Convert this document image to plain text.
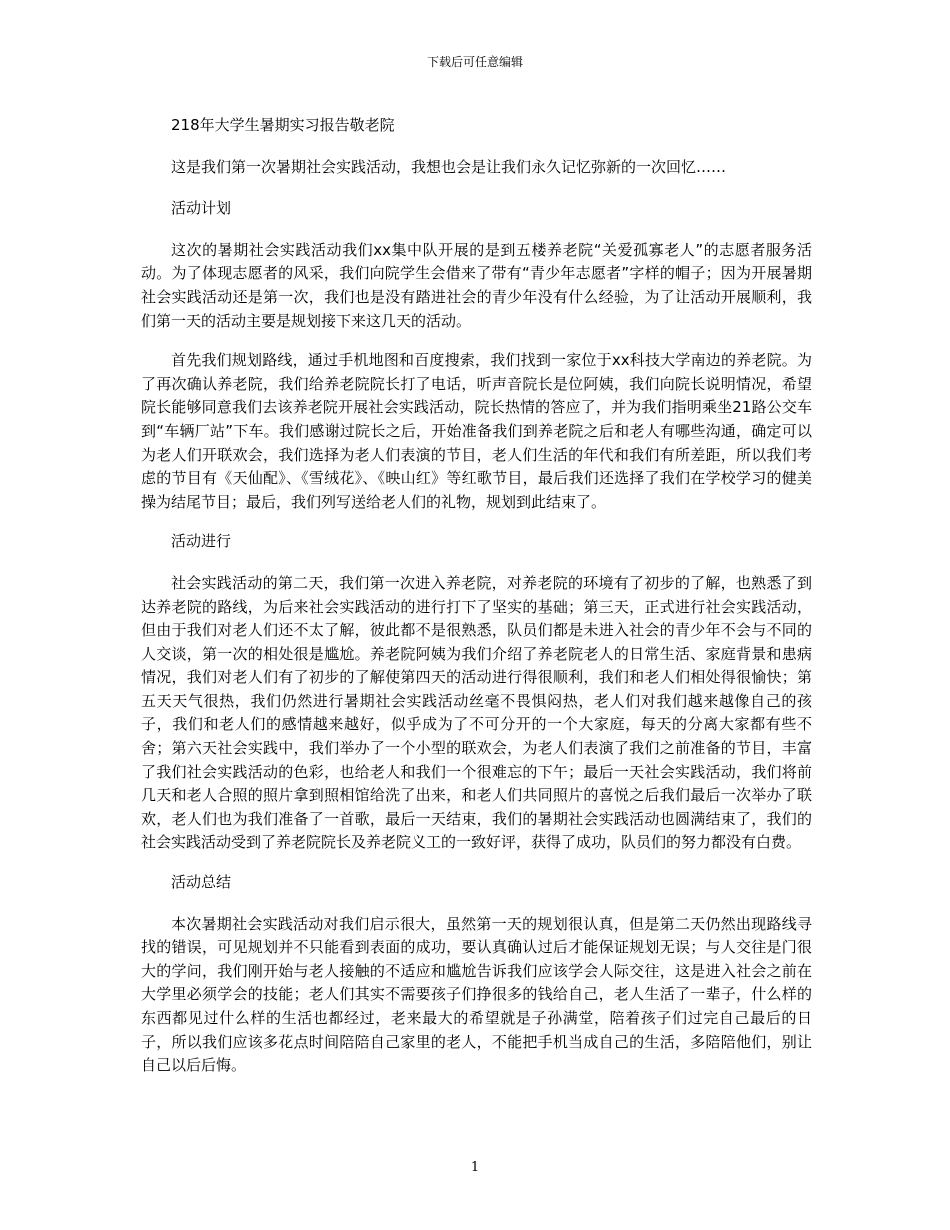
下载后可任意编辑

218年大学生暑期实习报告敬老院

这是我们第一次暑期社会实践活动，我想也会是让我们永久记忆弥新的一次回忆……

活动计划

这次的暑期社会实践活动我们xx集中队开展的是到五楼养老院“关爱孤寡老人”的志愿者服务活动。为了体现志愿者的风采，我们向院学生会借来了带有“青少年志愿者”字样的帽子；因为开展暑期社会实践活动还是第一次，我们也是没有踏进社会的青少年没有什么经验，为了让活动开展顺利，我们第一天的活动主要是规划接下来这几天的活动。

首先我们规划路线，通过手机地图和百度搜索，我们找到一家位于xx科技大学南边的养老院。为了再次确认养老院，我们给养老院院长打了电话，听声音院长是位阿姨，我们向院长说明情况，希望院长能够同意我们去该养老院开展社会实践活动，院长热情的答应了，并为我们指明乘坐21路公交车到“车辆厂站”下车。我们感谢过院长之后，开始准备我们到养老院之后和老人有哪些沟通，确定可以为老人们开联欢会，我们选择为老人们表演的节目，老人们生活的年代和我们有所差距，所以我们考虑的节目有《天仙配》、《雪绒花》、《映山红》等红歌节目，最后我们还选择了我们在学校学习的健美操为结尾节目；最后，我们列写送给老人们的礼物，规划到此结束了。

活动进行

社会实践活动的第二天，我们第一次进入养老院，对养老院的环境有了初步的了解，也熟悉了到达养老院的路线，为后来社会实践活动的进行打下了坚实的基础；第三天，正式进行社会实践活动，但由于我们对老人们还不太了解，彼此都不是很熟悉，队员们都是未进入社会的青少年不会与不同的人交谈，第一次的相处很是尴尬。养老院阿姨为我们介绍了养老院老人的日常生活、家庭背景和患病情况，我们对老人们有了初步的了解使第四天的活动进行得很顺利，我们和老人们相处得很愉快；第五天天气很热，我们仍然进行暑期社会实践活动丝毫不畏惧闷热，老人们对我们越来越像自己的孩子，我们和老人们的感情越来越好，似乎成为了不可分开的一个大家庭，每天的分离大家都有些不舍；第六天社会实践中，我们举办了一个小型的联欢会，为老人们表演了我们之前准备的节目，丰富了我们社会实践活动的色彩，也给老人和我们一个很难忘的下午；最后一天社会实践活动，我们将前几天和老人合照的照片拿到照相馆给洗了出来，和老人们共同照片的喜悦之后我们最后一次举办了联欢，老人们也为我们准备了一首歌，最后一天结束，我们的暑期社会实践活动也圆满结束了，我们的社会实践活动受到了养老院院长及养老院义工的一致好评，获得了成功，队员们的努力都没有白费。

活动总结

本次暑期社会实践活动对我们启示很大，虽然第一天的规划很认真，但是第二天仍然出现路线寻找的错误，可见规划并不只能看到表面的成功，要认真确认过后才能保证规划无误；与人交往是门很大的学问，我们刚开始与老人接触的不适应和尴尬告诉我们应该学会人际交往，这是进入社会之前在大学里必须学会的技能；老人们其实不需要孩子们挣很多的钱给自己，老人生活了一辈子，什么样的东西都见过什么样的生活也都经过，老来最大的希望就是子孙满堂，陪着孩子们过完自己最后的日子，所以我们应该多花点时间陪陪自己家里的老人，不能把手机当成自己的生活，多陪陪他们，别让自己以后后悔。

1
